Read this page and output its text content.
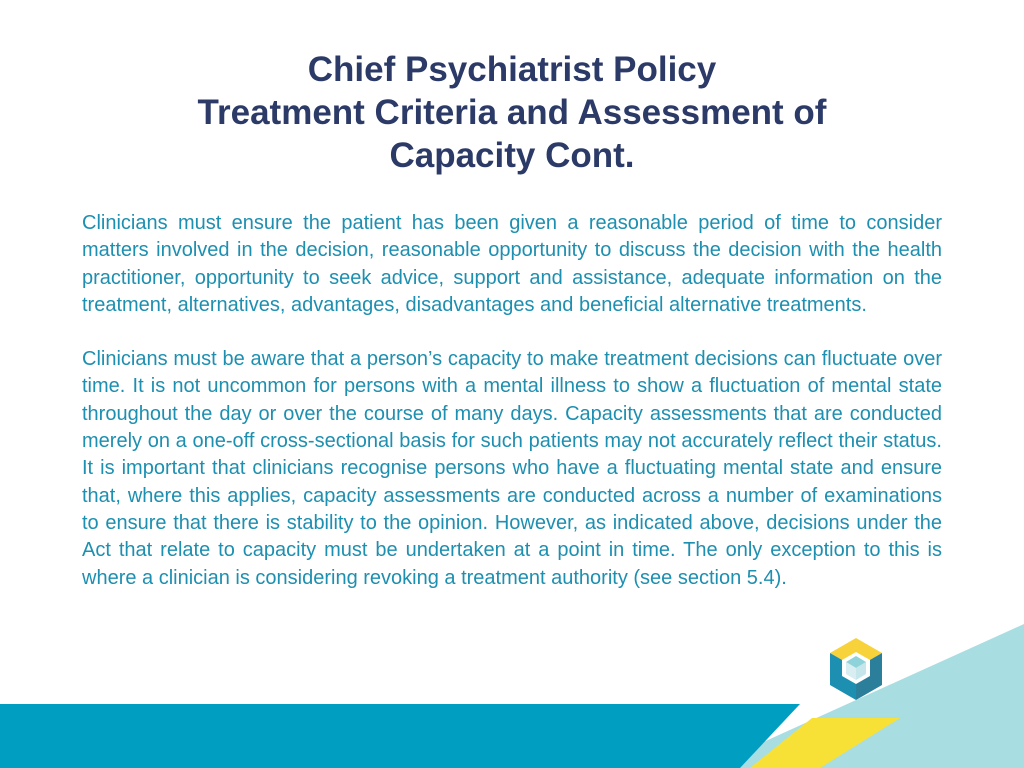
Chief Psychiatrist Policy
Treatment Criteria and Assessment of
Capacity Cont.

Clinicians must ensure the patient has been given a reasonable period of time to consider matters involved in the decision, reasonable opportunity to discuss the decision with the health practitioner, opportunity to seek advice, support and assistance, adequate information on the treatment, alternatives, advantages, disadvantages and beneficial alternative treatments.

Clinicians must be aware that a person’s capacity to make treatment decisions can fluctuate over time. It is not uncommon for persons with a mental illness to show a fluctuation of mental state throughout the day or over the course of many days. Capacity assessments that are conducted merely on a one-off cross-sectional basis for such patients may not accurately reflect their status. It is important that clinicians recognise persons who have a fluctuating mental state and ensure that, where this applies, capacity assessments are conducted across a number of examinations to ensure that there is stability to the opinion. However, as indicated above, decisions under the Act that relate to capacity must be undertaken at a point in time. The only exception to this is where a clinician is considering revoking a treatment authority (see section 5.4).
